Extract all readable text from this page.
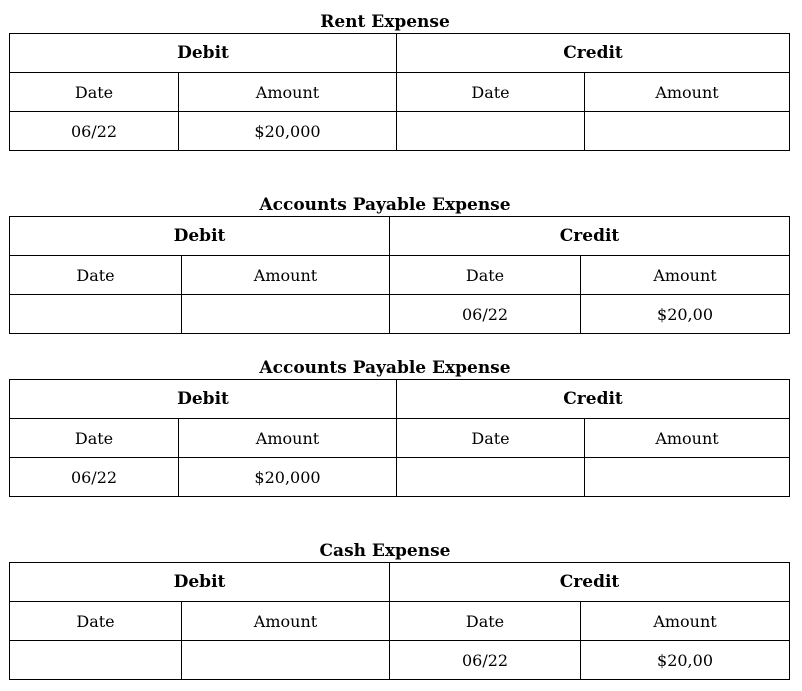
Rent Expense
Debit		Credit	
Date	Amount	Date	Amount
06/22	$20,000		
Accounts Payable Expense
Debit		Credit	
Date	Amount	Date	Amount
		06/22	$20,00
Accounts Payable Expense
Debit		Credit	
Date	Amount	Date	Amount
06/22	$20,000		
Cash Expense
Debit		Credit	
Date	Amount	Date	Amount
		06/22	$20,00
